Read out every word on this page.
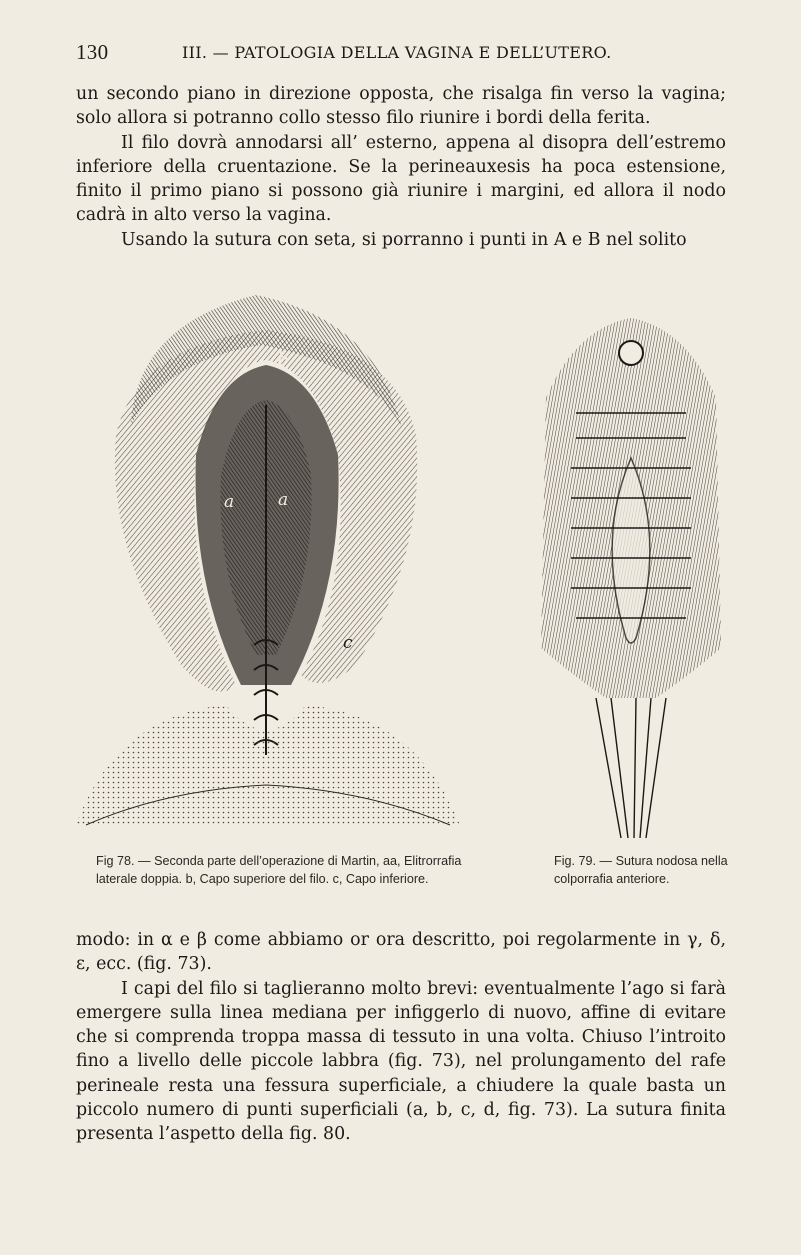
130	III. — PATOLOGIA DELLA VAGINA E DELL’UTERO.

un secondo piano in direzione opposta, che risalga fin verso la vagina; solo allora si potranno collo stesso filo riunire i bordi della ferita.

Il filo dovrà annodarsi all’ esterno, appena al disopra dell’estremo inferiore della cruentazione. Se la perineauxesis ha poca estensione, finito il primo piano si possono già riunire i margini, ed allora il nodo cadrà in alto verso la vagina.

Usando la sutura con seta, si porranno i punti in A e B nel solito

b
a	a
c

Fig 78. — Seconda parte dell’operazione di Martin, aa, Elitrorrafia laterale doppia. b, Capo superiore del filo. c, Capo inferiore.

Fig. 79. — Sutura nodosa nella colporrafia anteriore.

modo: in α e β come abbiamo or ora descritto, poi regolarmente in γ, δ, ε, ecc. (fig. 73).

I capi del filo si taglieranno molto brevi: eventualmente l’ago si farà emergere sulla linea mediana per infiggerlo di nuovo, affine di evitare che si comprenda troppa massa di tessuto in una volta. Chiuso l’introito fino a livello delle piccole labbra (fig. 73), nel prolungamento del rafe perineale resta una fessura superficiale, a chiudere la quale basta un piccolo numero di punti superficiali (a, b, c, d, fig. 73). La sutura finita presenta l’aspetto della fig. 80.
